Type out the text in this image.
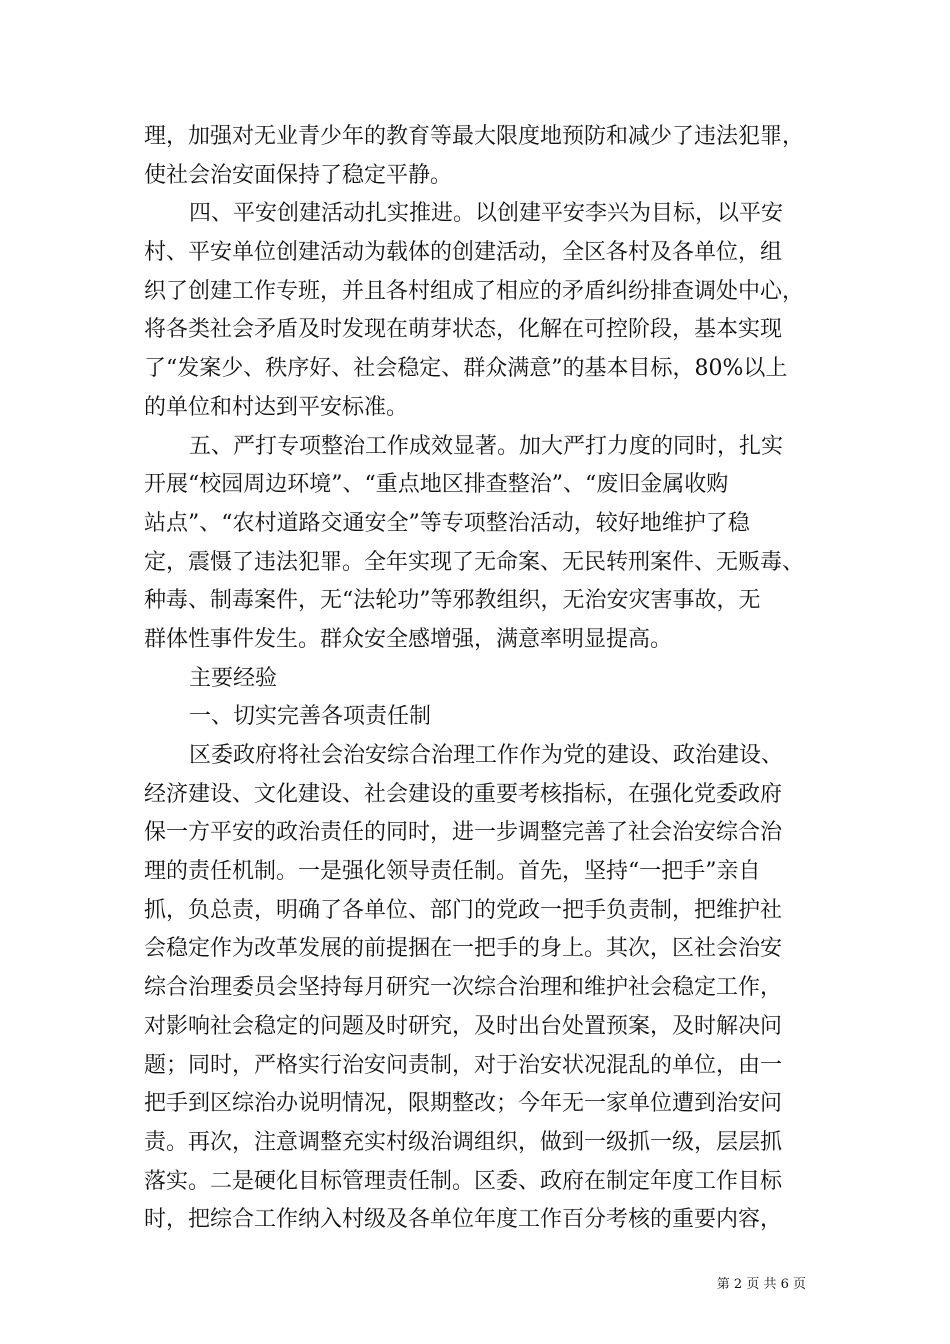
理，加强对无业青少年的教育等最大限度地预防和减少了违法犯罪，
使社会治安面保持了稳定平静。
四、平安创建活动扎实推进。以创建平安李兴为目标，以平安
村、平安单位创建活动为载体的创建活动，全区各村及各单位，组
织了创建工作专班，并且各村组成了相应的矛盾纠纷排查调处中心，
将各类社会矛盾及时发现在萌芽状态，化解在可控阶段，基本实现
了“发案少、秩序好、社会稳定、群众满意”的基本目标，80%以上
的单位和村达到平安标准。
五、严打专项整治工作成效显著。加大严打力度的同时，扎实
开展“校园周边环境”、“重点地区排查整治”、“废旧金属收购
站点”、“农村道路交通安全”等专项整治活动，较好地维护了稳
定，震慑了违法犯罪。全年实现了无命案、无民转刑案件、无贩毒、
种毒、制毒案件，无“法轮功”等邪教组织，无治安灾害事故，无
群体性事件发生。群众安全感增强，满意率明显提高。
主要经验
一、切实完善各项责任制
区委政府将社会治安综合治理工作作为党的建设、政治建设、
经济建设、文化建设、社会建设的重要考核指标，在强化党委政府
保一方平安的政治责任的同时，进一步调整完善了社会治安综合治
理的责任机制。一是强化领导责任制。首先，坚持“一把手”亲自
抓，负总责，明确了各单位、部门的党政一把手负责制，把维护社
会稳定作为改革发展的前提捆在一把手的身上。其次，区社会治安
综合治理委员会坚持每月研究一次综合治理和维护社会稳定工作，
对影响社会稳定的问题及时研究，及时出台处置预案，及时解决问
题；同时，严格实行治安问责制，对于治安状况混乱的单位，由一
把手到区综治办说明情况，限期整改；今年无一家单位遭到治安问
责。再次，注意调整充实村级治调组织，做到一级抓一级，层层抓
落实。二是硬化目标管理责任制。区委、政府在制定年度工作目标
时，把综合工作纳入村级及各单位年度工作百分考核的重要内容，
第 2 页 共 6 页
